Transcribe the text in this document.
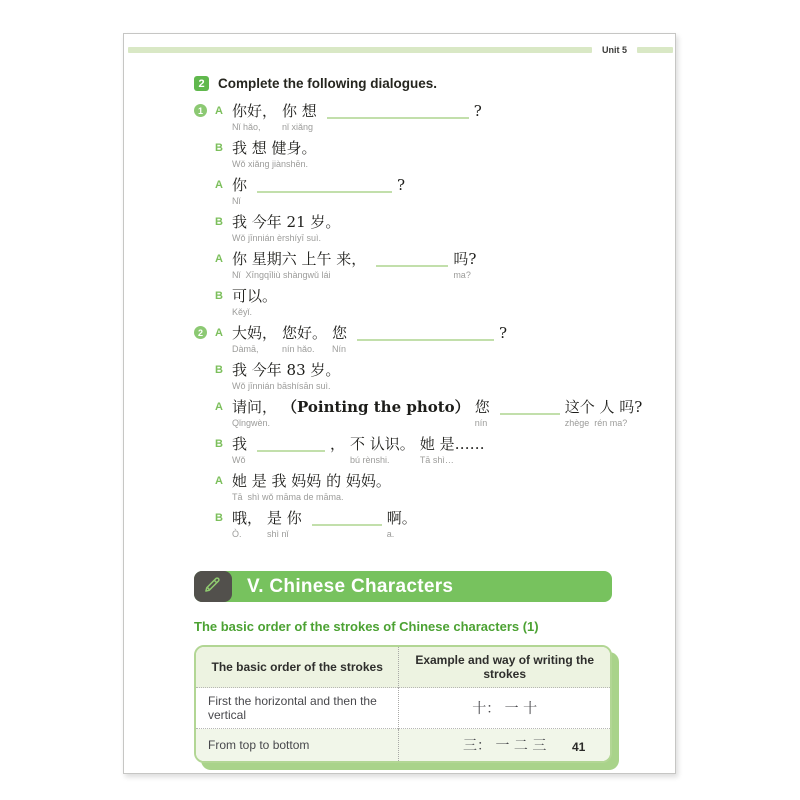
Unit 5
2 Complete the following dialogues.
1	A 你好，
Nǐ hǎo,
你 想
nǐ xiǎng
?
B 我 想 健身。
Wǒ xiǎng jiànshēn.
A 你
Nǐ
?
B 我 今年 21 岁。
Wǒ jīnnián èrshíyī suì.
A 你 星期六 上午 来，
Nǐ  Xīngqīliù shàngwǔ lái
吗?
ma?
B 可以。
Kěyǐ.
2	A 大妈，
Dàmā,
您好。
nín hǎo.
您
Nín
?
B 我 今年 83 岁。
Wǒ jīnnián bāshísān suì.
A 请问，
Qǐngwèn.
（Pointing the photo） 您
nín
这个 人 吗?
zhège  rén ma?
B 我
Wǒ
， 不 认识。
bú rènshi.
她 是……
Tā shì…
A 她 是 我 妈妈 的 妈妈。
Tā  shì wǒ māma de māma.
B 哦，
Ò.
是 你
shì nǐ
啊。
a.
V. Chinese Characters
The basic order of the strokes of Chinese characters (1)
The basic order of the strokes	Example and way of writing the strokes
First the horizontal and then the vertical	十： 一 十
From top to bottom	三： 一 二 三 41
